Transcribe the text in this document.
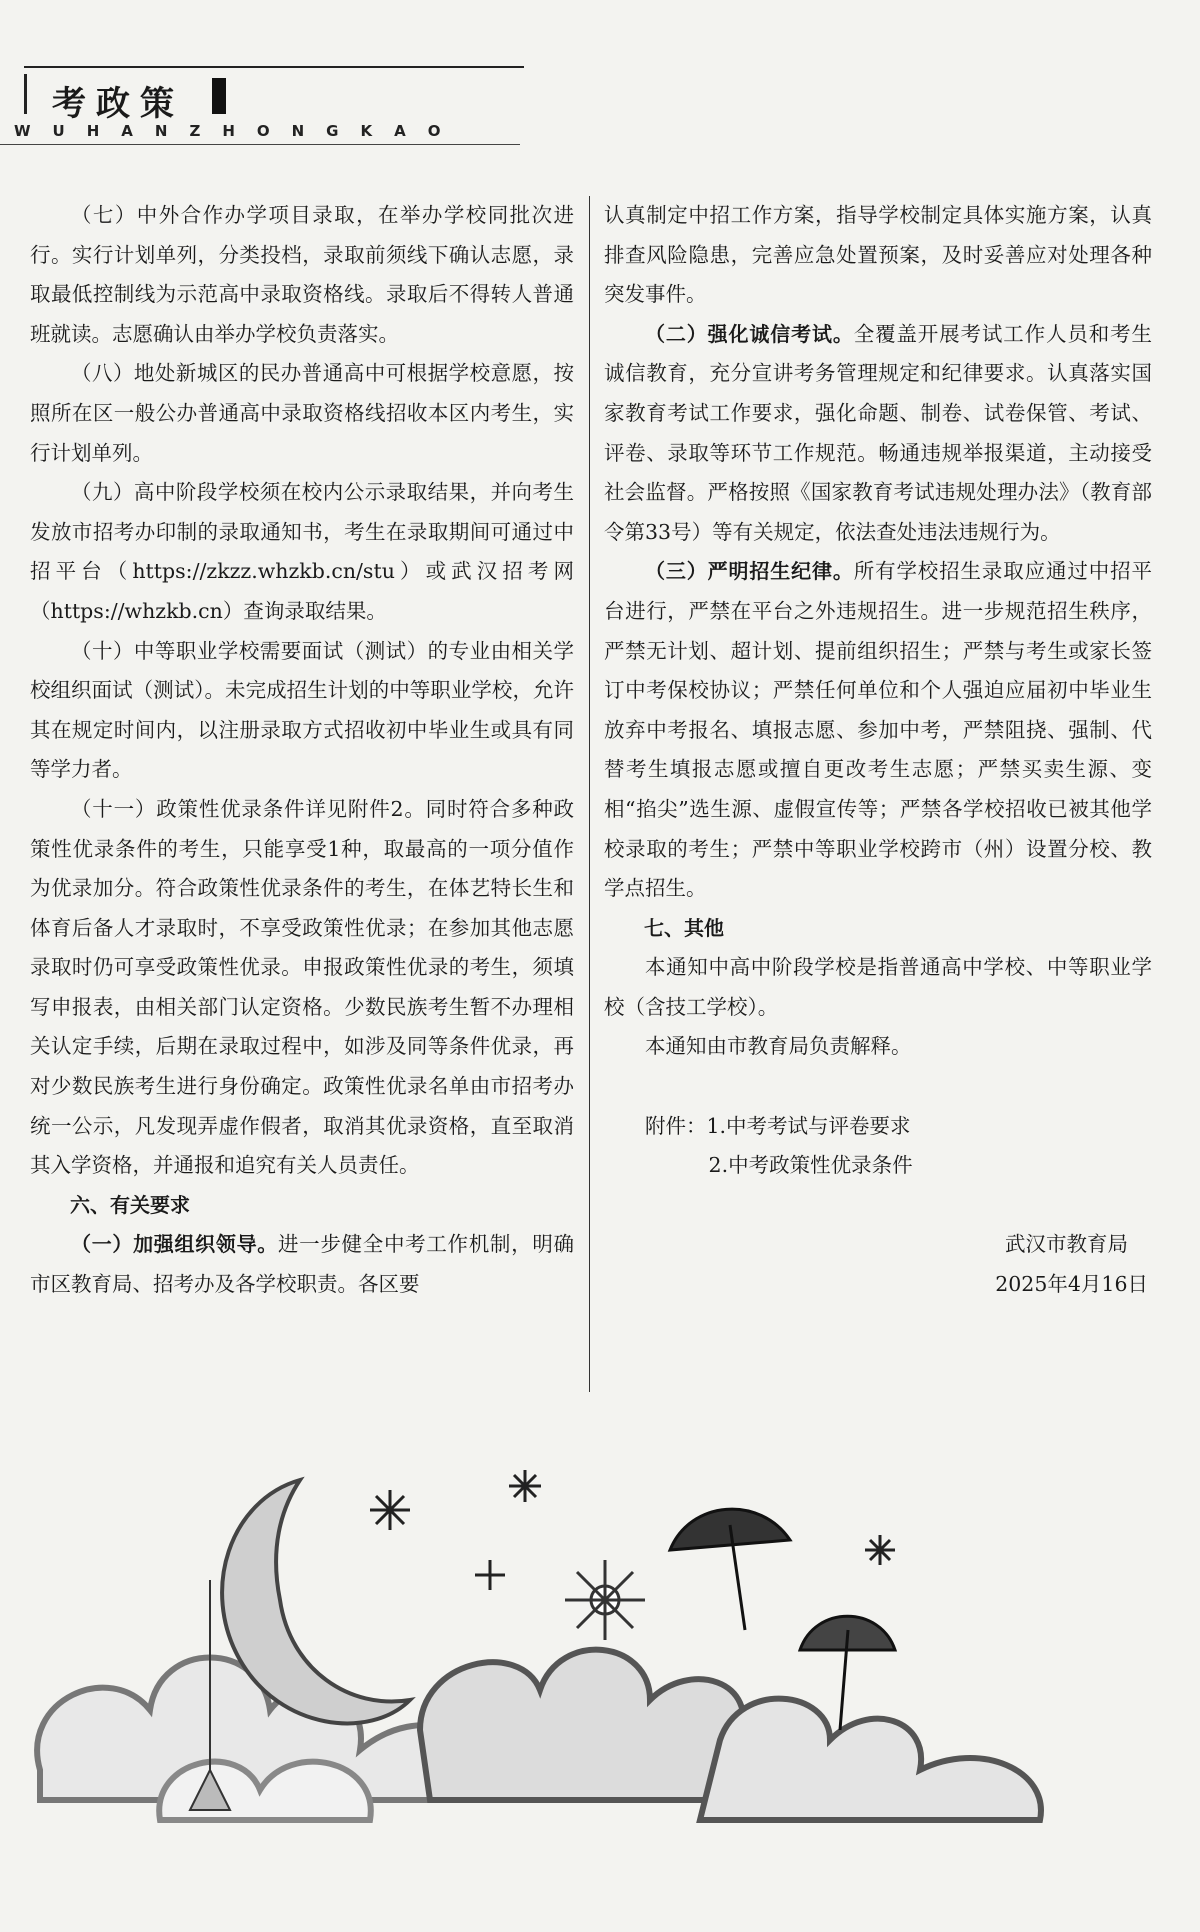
考政策
WUHANZHONGKAO

（七）中外合作办学项目录取，在举办学校同批次进行。实行计划单列，分类投档，录取前须线下确认志愿，录取最低控制线为示范高中录取资格线。录取后不得转人普通班就读。志愿确认由举办学校负责落实。

（八）地处新城区的民办普通高中可根据学校意愿，按照所在区一般公办普通高中录取资格线招收本区内考生，实行计划单列。

（九）高中阶段学校须在校内公示录取结果，并向考生发放市招考办印制的录取通知书，考生在录取期间可通过中招平台（https://zkzz.whzkb.cn/stu）或武汉招考网（https://whzkb.cn）查询录取结果。

（十）中等职业学校需要面试（测试）的专业由相关学校组织面试（测试）。未完成招生计划的中等职业学校，允许其在规定时间内，以注册录取方式招收初中毕业生或具有同等学力者。

（十一）政策性优录条件详见附件2。同时符合多种政策性优录条件的考生，只能享受1种，取最高的一项分值作为优录加分。符合政策性优录条件的考生，在体艺特长生和体育后备人才录取时，不享受政策性优录；在参加其他志愿录取时仍可享受政策性优录。申报政策性优录的考生，须填写申报表，由相关部门认定资格。少数民族考生暂不办理相关认定手续，后期在录取过程中，如涉及同等条件优录，再对少数民族考生进行身份确定。政策性优录名单由市招考办统一公示，凡发现弄虚作假者，取消其优录资格，直至取消其入学资格，并通报和追究有关人员责任。

六、有关要求

（一）加强组织领导。进一步健全中考工作机制，明确市区教育局、招考办及各学校职责。各区要

认真制定中招工作方案，指导学校制定具体实施方案，认真排查风险隐患，完善应急处置预案，及时妥善应对处理各种突发事件。

（二）强化诚信考试。全覆盖开展考试工作人员和考生诚信教育，充分宣讲考务管理规定和纪律要求。认真落实国家教育考试工作要求，强化命题、制卷、试卷保管、考试、评卷、录取等环节工作规范。畅通违规举报渠道，主动接受社会监督。严格按照《国家教育考试违规处理办法》（教育部令第33号）等有关规定，依法查处违法违规行为。

（三）严明招生纪律。所有学校招生录取应通过中招平台进行，严禁在平台之外违规招生。进一步规范招生秩序，严禁无计划、超计划、提前组织招生；严禁与考生或家长签订中考保校协议；严禁任何单位和个人强迫应届初中毕业生放弃中考报名、填报志愿、参加中考，严禁阻挠、强制、代替考生填报志愿或擅自更改考生志愿；严禁买卖生源、变相“掐尖”选生源、虚假宣传等；严禁各学校招收已被其他学校录取的考生；严禁中等职业学校跨市（州）设置分校、教学点招生。

七、其他

本通知中高中阶段学校是指普通高中学校、中等职业学校（含技工学校）。

本通知由市教育局负责解释。

附件：1.中考考试与评卷要求
2.中考政策性优录条件
武汉市教育局
2025年4月16日
